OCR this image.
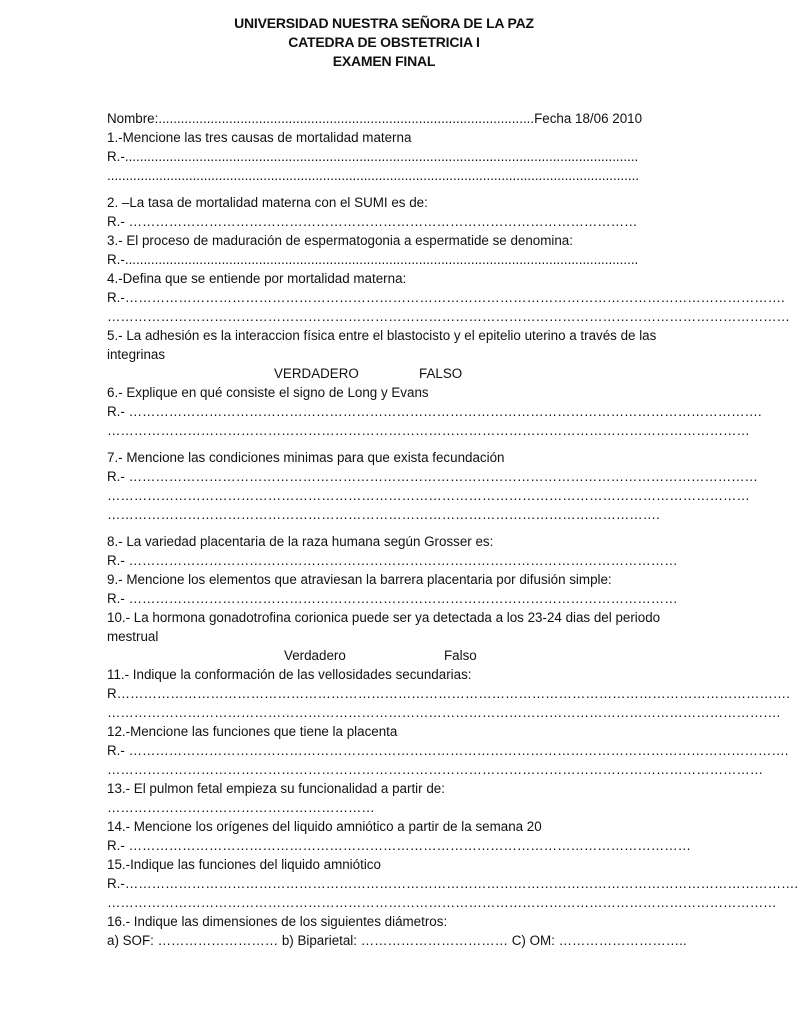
UNIVERSIDAD NUESTRA SEÑORA DE LA PAZ
CATEDRA DE OBSTETRICIA I
EXAMEN FINAL
Nombre:.....................................................................................................Fecha 18/06 2010
1.-Mencione las tres causas de mortalidad materna
R.-..........................................................................................................................................
...............................................................................................................................................
2. –La tasa de mortalidad materna con el SUMI es de:
R.- ……………………………………………………………………………………………………
3.- El proceso de maduración de espermatogonia a espermatide se denomina:
R.-..........................................................................................................................................
4.-Defina que se entiende por mortalidad materna:
R.-………………………………………………………………………………………………………………………………….
………………………………………………………………………………………………………………………………………
5.- La adhesión es la interaccion física entre el blastocisto y el epitelio uterino a través de las integrinas
VERDADERO	FALSO
6.- Explique en qué consiste el signo de Long y Evans
R.- …………………………………………………………………………………………………………………………….
………………………………………………………………………………………………………………………………
7.- Mencione las condiciones minimas para que exista fecundación
R.- ……………………………………………………………………………………………………………………………
………………………………………………………………………………………………………………………………
…………………………………………………………………………………………………………….
8.- La variedad placentaria de la raza humana según Grosser es:
R.- ……………………………………………………………………………………………………………
9.- Mencione los elementos que atraviesan la barrera placentaria por difusión simple:
R.- ……………………………………………………………………………………………………………
10.- La hormona gonadotrofina corionica puede ser ya detectada a los 23-24 dias del periodo mestrual
Verdadero	Falso
11.- Indique la conformación de las vellosidades secundarias:
R…………………………………………………………………………………………………………………………………….
…………………………………………………………………………………………………………………………………….
12.-Mencione las funciones que tiene la placenta
R.- ………………………………………………………………………………………………………………………………….
…………………………………………………………………………………………………………………………………
13.- El pulmon fetal empieza su funcionalidad a partir de:
……………………………………………………
14.- Mencione los orígenes del liquido amniótico a partir de la semana 20
R.- ………………………………………………………………………………………………………………
15.-Indique las funciones del liquido amniótico
R.-…………………………………………………………………………………………………………………………………….
……………………………………………………………………………………………………………………………………
16.- Indique las dimensiones de los siguientes diámetros:
a) SOF: ……………………… b) Biparietal: …………………………… C) OM: ………………………..
